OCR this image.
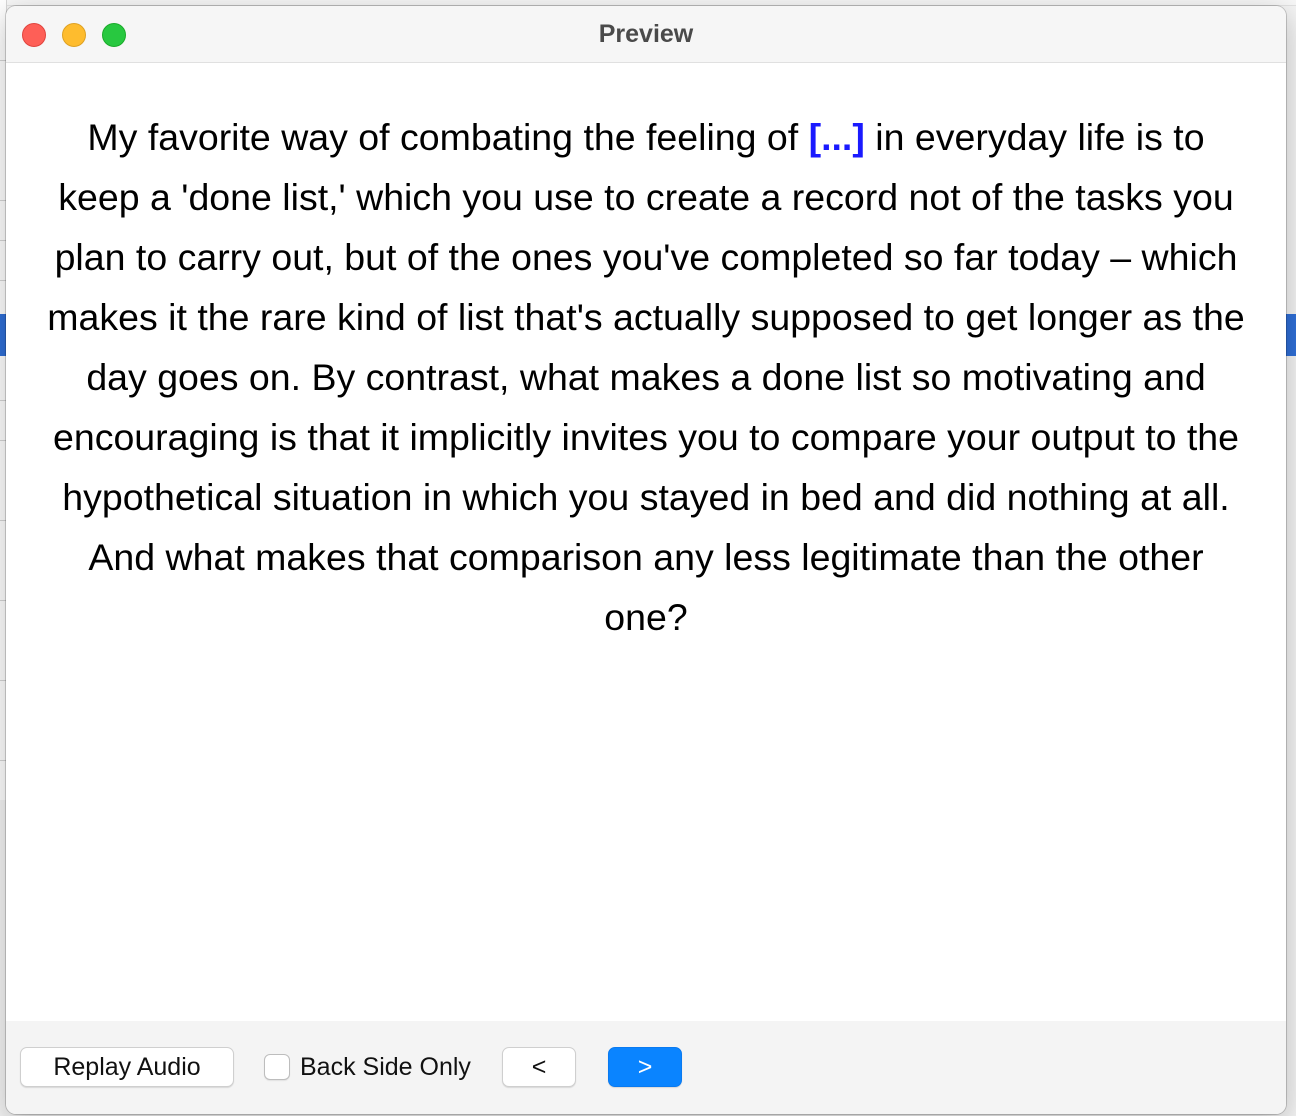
Preview
My favorite way of combating the feeling of [...] in everyday life is to keep a 'done list,' which you use to create a record not of the tasks you plan to carry out, but of the ones you've completed so far today – which makes it the rare kind of list that's actually supposed to get longer as the day goes on. By contrast, what makes a done list so motivating and encouraging is that it implicitly invites you to compare your output to the hypothetical situation in which you stayed in bed and did nothing at all. And what makes that comparison any less legitimate than the other one?
Replay Audio	Back Side Only	<	>
